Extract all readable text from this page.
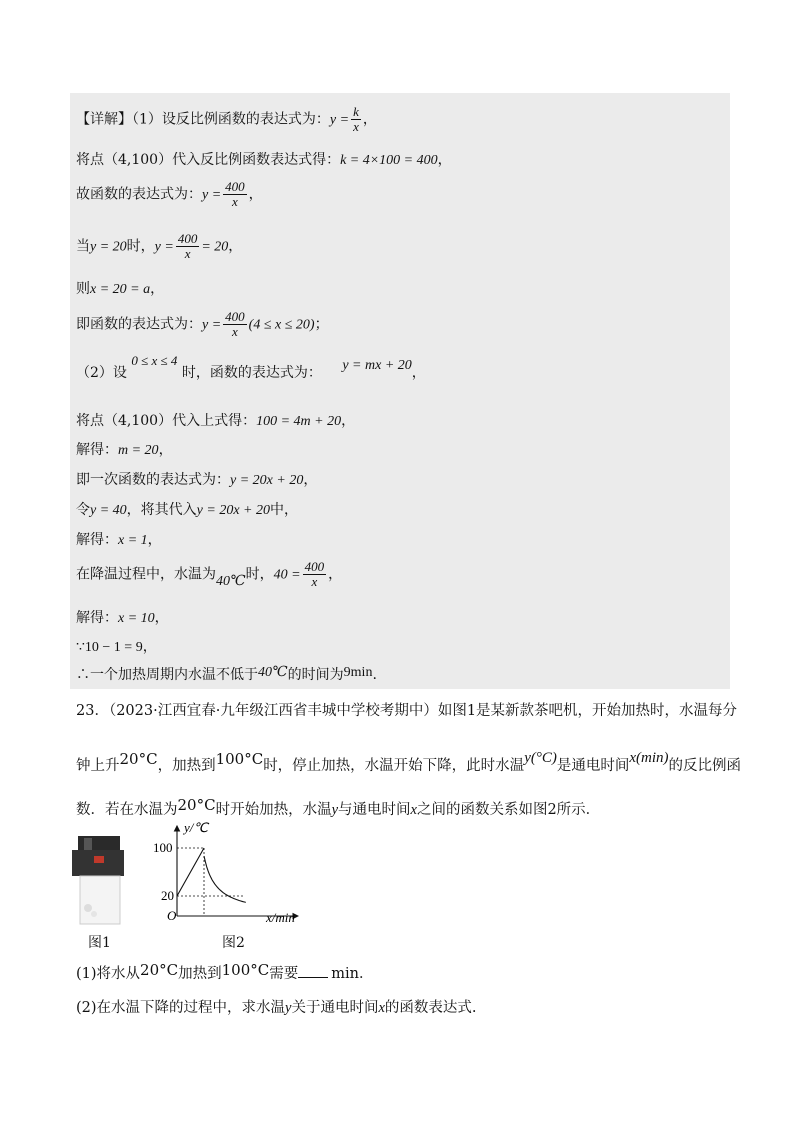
【详解】（1）设反比例函数的表达式为：$y = \frac{k}{x}$ ，
将点（4,100）代入反比例函数表达式得：k = 4×100 = 400，
故函数的表达式为：$y = \frac{400}{x}$ ，
当y = 20时，$y = \frac{400}{x} = 20$，
则x = 20 = a，
即函数的表达式为：$y = \frac{400}{x} (4 \le x \le 20)$；
（2）设 0 ≤ x ≤ 4 时，函数的表达式为： y = mx + 20，
将点（4,100）代入上式得：100 = 4m + 20，
解得：m = 20，
即一次函数的表达式为：y = 20x + 20，
令y = 40，将其代入y = 20x + 20中，
解得：x = 1，
在降温过程中，水温为40℃时，$40 = \frac{400}{x}$ ，
解得：x = 10，
∵10 − 1 = 9，
∴一个加热周期内水温不低于40℃的时间为9min.
23．（2023·江西宜春·九年级江西省丰城中学校考期中）如图1是某新款茶吧机，开始加热时，水温每分
钟上升20°C，加热到100°C时，停止加热，水温开始下降，此时水温y(°C)是通电时间x(min)的反比例函
数．若在水温为20°C时开始加热，水温y与通电时间x之间的函数关系如图2所示．
图1
y/℃
100
20
O	x/min
图2
(1)将水从20°C加热到100°C需要 min．
(2)在水温下降的过程中，求水温y关于通电时间x的函数表达式.
